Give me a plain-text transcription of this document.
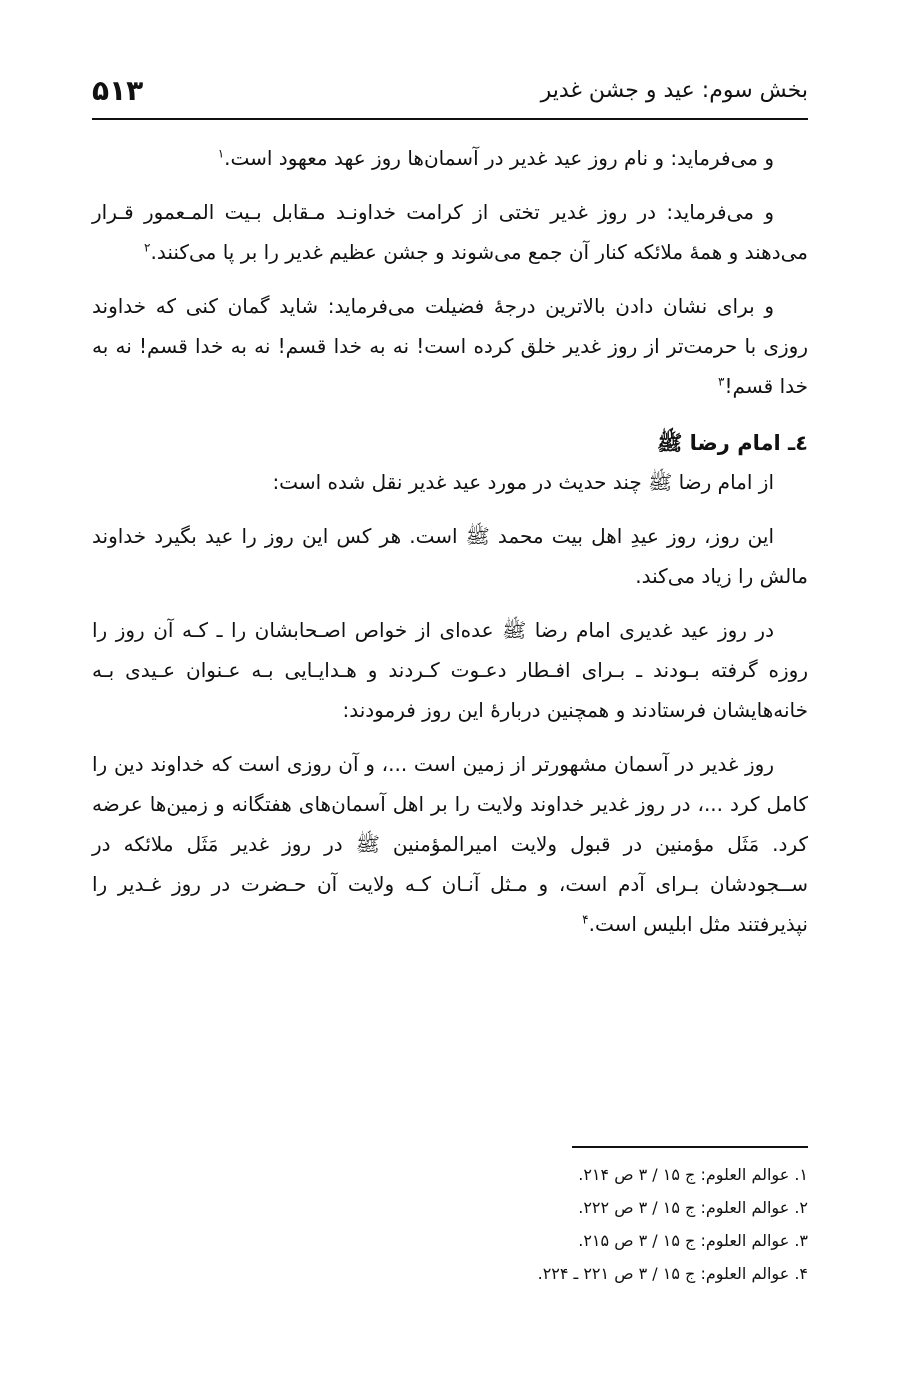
بخش سوم: عید و جشن غدیر
۵۱۳

و می‌فرماید: و نام روز عید غدیر در آسمان‌ها روز عهد معهود است.$^۱$

و می‌فرماید: در روز غدیر تختی از کرامت خداونـد مـقابل بـیت المـعمور قـرار می‌دهند و همهٔ ملائکه کنار آن جمع می‌شوند و جشن عظیم غدیر را بر پا می‌کنند.$^۲$

و برای نشان دادن بالاترین درجهٔ فضیلت می‌فرماید: شاید گمان کنی که خداوند روزی با حرمت‌تر از روز غدیر خلق کرده است! نه به خدا قسم! نه به خدا قسم! نه به خدا قسم!$^۳$

٤ـ امام رضا ﷺ

از امام رضا ﷺ چند حدیث در مورد عید غدیر نقل شده است:

این روز، روز عیدِ اهل بیت محمد ﷺ است. هر کس این روز را عید بگیرد خداوند مالش را زیاد می‌کند.

در روز عید غدیری امام رضا ﷺ عده‌ای از خواص اصـحابشان را ـ کـه آن روز را روزه گرفته بـودند ـ بـرای افـطار دعـوت کـردند و هـدایـایی بـه عـنوان عـیدی بـه خانه‌هایشان فرستادند و همچنین دربارهٔ این روز فرمودند:

روز غدیر در آسمان مشهورتر از زمین است ...، و آن روزی است که خداوند دین را کامل کرد ...، در روز غدیر خداوند ولایت را بر اهل آسمان‌های هفتگانه و زمین‌ها عرضه کرد. مَثَل مؤمنین در قبول ولایت امیرالمؤمنین ﷺ در روز غدیر مَثَل ملائکه در ســجودشان بـرای آدم است، و مـثل آنـان کـه ولایت آن حـضرت در روز غـدیر را نپذیرفتند مثل ابلیس است.$^۴$

۱. عوالم العلوم: ج ۱۵ / ۳ ص ۲۱۴.
۲. عوالم العلوم: ج ۱۵ / ۳ ص ۲۲۲.
۳. عوالم العلوم: ج ۱۵ / ۳ ص ۲۱۵.
۴. عوالم العلوم: ج ۱۵ / ۳ ص ۲۲۱ ـ ۲۲۴.
